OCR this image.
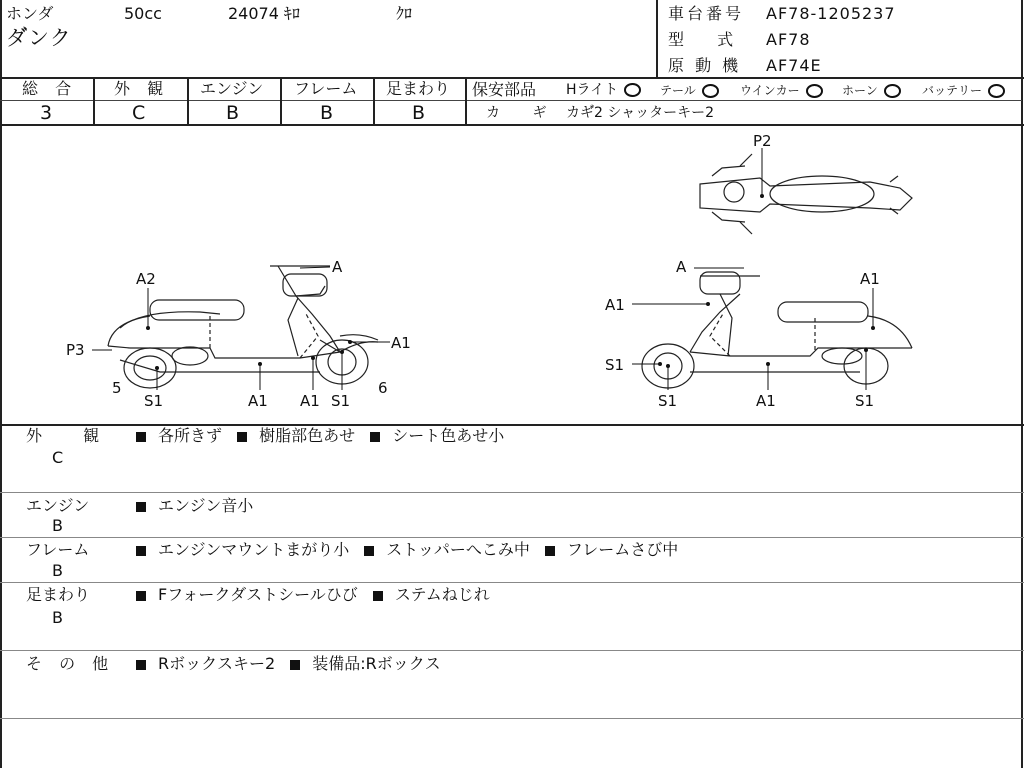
ホンダ	50cc	24074 ｷﾛ	ｸﾛ
ダ゙ンク
車台番号 AF78-1205237
型 式 AF78
原 動 機 AF74E
総 合
3
外 観
C
エンジン
B
フレーム
B
足まわり
B
保安部品 Hライト	テール	ウインカー	ホーン	バッテリー
カ ギ カギ゙2 シャッターキー2
A
A2
P3	A1
5
S1	A1 A1 S1
6
P2
A
A1
A1
S1
S1	A1	S1
外 観
C
各所きず 樹脂部色あせ シート色あせ小
エンジン
B
エンジン音小
フレーム
B
エンジンマウントまがり小 ストッパーへこみ中 フレームさび中
足まわり
B
Fフォークダストシールひび ステムねじれ
そ の 他	Rボックスキー2 装備品:Rボックス
